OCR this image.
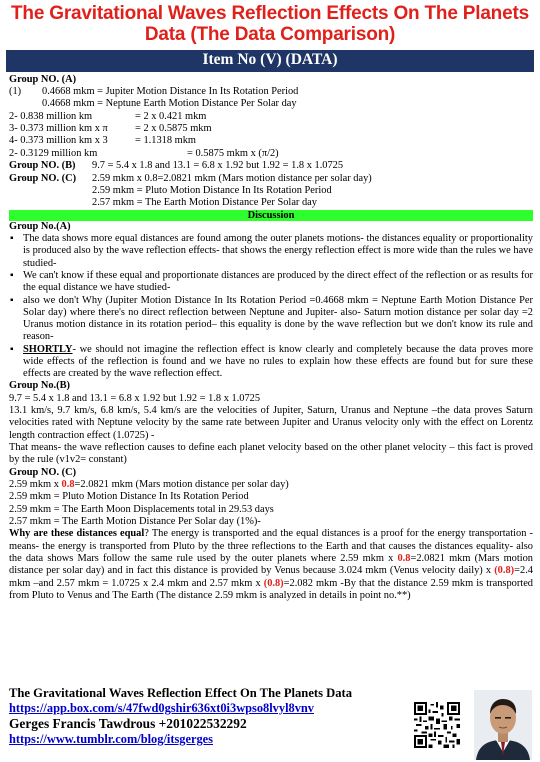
The Gravitational Waves Reflection Effects On The Planets Data (The Data Comparison)
Item No (V) (DATA)
Group NO. (A)
(1) 0.4668 mkm = Jupiter Motion Distance In Its Rotation Period
0.4668 mkm = Neptune Earth Motion Distance Per Solar day
2- 0.838 million km	= 2 x 0.421 mkm
3- 0.373 million km x π	= 2 x 0.5875 mkm
4- 0.373 million km x 3	= 1.1318 mkm
2- 0.3129 million km	= 0.5875 mkm x (π/2)
Group NO. (B) 9.7 = 5.4 x 1.8 and 13.1 = 6.8 x 1.92 but 1.92 = 1.8 x 1.0725
Group NO. (C) 2.59 mkm x 0.8=2.0821 mkm (Mars motion distance per solar day)
2.59 mkm = Pluto Motion Distance In Its Rotation Period
2.57 mkm = The Earth Motion Distance Per Solar day
Discussion
Group No.(A)
▪ The data shows more equal distances are found among the outer planets motions- the distances equality or proportionality is produced also by the wave reflection effects- that shows the energy reflection effect is more wide than the rules we have studied-
▪ We can't know if these equal and proportionate distances are produced by the direct effect of the reflection or as results for the equal distance we have studied-
▪ also we don't Why (Jupiter Motion Distance In Its Rotation Period =0.4668 mkm = Neptune Earth Motion Distance Per Solar day) where there's no direct reflection between Neptune and Jupiter- also- Saturn motion distance per solar day =2 Uranus motion distance in its rotation period– this equality is done by the wave reflection but we don't know its rule and reason-
▪ SHORTLY- we should not imagine the reflection effect is know clearly and completely because the data proves more wide effects of the reflection is found and we have no rules to explain how these effects are found but for sure these effects are created by the wave reflection effect.
Group No.(B)
9.7 = 5.4 x 1.8 and 13.1 = 6.8 x 1.92 but 1.92 = 1.8 x 1.0725
13.1 km/s, 9.7 km/s, 6.8 km/s, 5.4 km/s are the velocities of Jupiter, Saturn, Uranus and Neptune –the data proves Saturn velocities rated with Neptune velocity by the same rate between Jupiter and Uranus velocity only with the effect on Lorentz length contraction effect (1.0725) -
That means- the wave reflection causes to define each planet velocity based on the other planet velocity – this fact is proved by the rule (v1v2= constant)
Group NO. (C)
2.59 mkm x 0.8=2.0821 mkm (Mars motion distance per solar day)
2.59 mkm = Pluto Motion Distance In Its Rotation Period
2.59 mkm = The Earth Moon Displacements total in 29.53 days
2.57 mkm = The Earth Motion Distance Per Solar day (1%)-
Why are these distances equal? The energy is transported and the equal distances is a proof for the energy transportation -means- the energy is transported from Pluto by the three reflections to the Earth and that causes the distances equality- also the data shows Mars follow the same rule used by the outer planets where 2.59 mkm x 0.8=2.0821 mkm (Mars motion distance per solar day) and in fact this distance is provided by Venus because 3.024 mkm (Venus velocity daily) x (0.8)=2.4 mkm –and 2.57 mkm = 1.0725 x 2.4 mkm and 2.57 mkm x (0.8)=2.082 mkm -By that the distance 2.59 mkm is transported from Pluto to Venus and The Earth (The distance 2.59 mkm is analyzed in details in point no.**)
The Gravitational Waves Reflection Effect On The Planets Data
https://app.box.com/s/47fwd0gshir636xt0i3wpso8lvyl8vnv
Gerges Francis Tawdrous +201022532292
https://www.tumblr.com/blog/itsgerges
